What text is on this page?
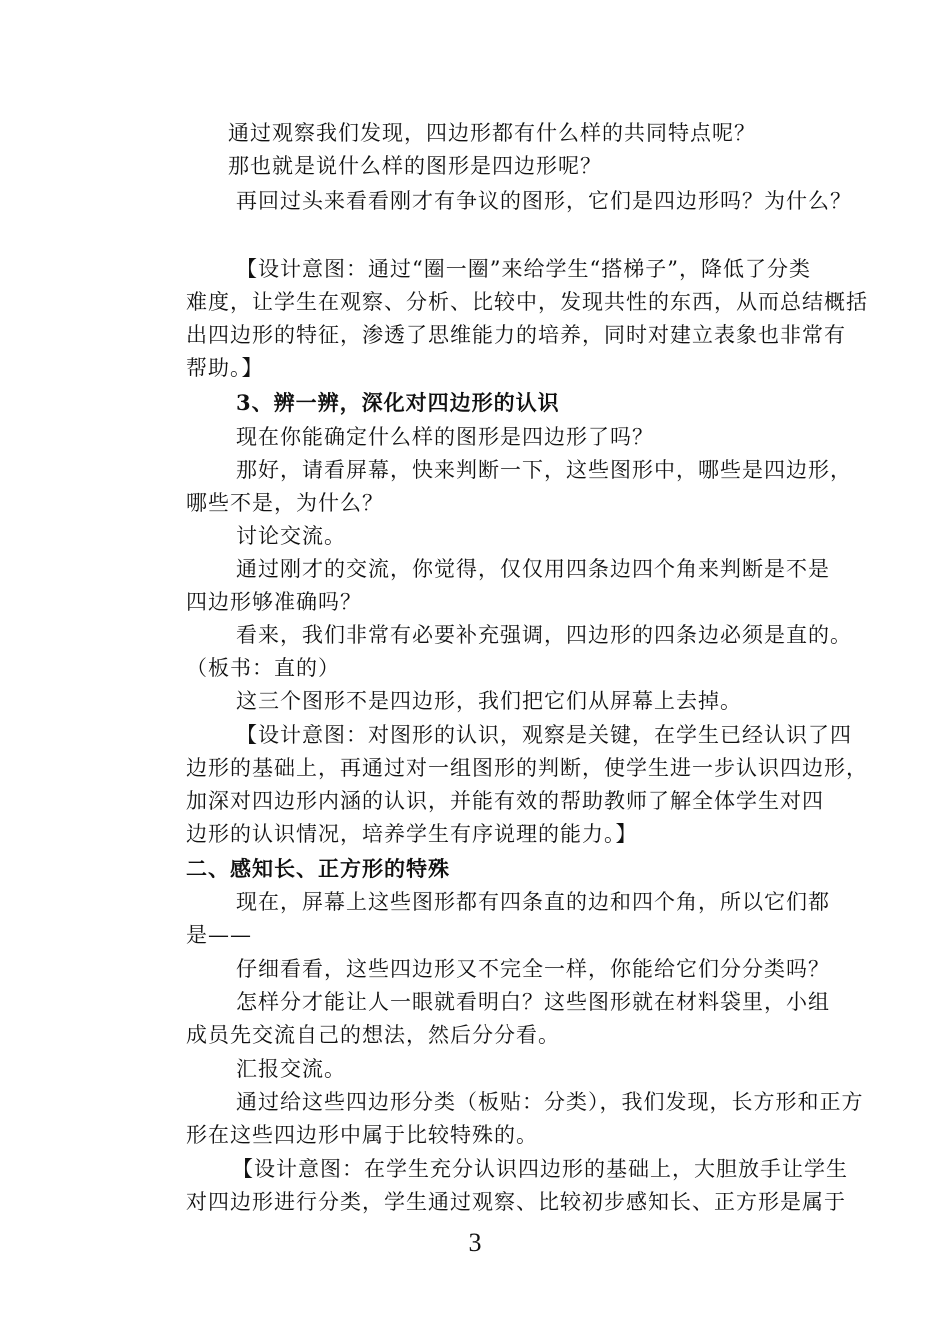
通过观察我们发现，四边形都有什么样的共同特点呢？
那也就是说什么样的图形是四边形呢？
再回过头来看看刚才有争议的图形，它们是四边形吗？为什么？
【设计意图：通过“圈一圈”来给学生“搭梯子”，降低了分类
难度，让学生在观察、分析、比较中，发现共性的东西，从而总结概括
出四边形的特征，渗透了思维能力的培养，同时对建立表象也非常有
帮助。】
3、辨一辨，深化对四边形的认识
现在你能确定什么样的图形是四边形了吗？
那好，请看屏幕，快来判断一下，这些图形中，哪些是四边形，
哪些不是，为什么？
讨论交流。
通过刚才的交流，你觉得，仅仅用四条边四个角来判断是不是
四边形够准确吗？
看来，我们非常有必要补充强调，四边形的四条边必须是直的。
（板书：直的）
这三个图形不是四边形，我们把它们从屏幕上去掉。
【设计意图：对图形的认识，观察是关键，在学生已经认识了四
边形的基础上，再通过对一组图形的判断，使学生进一步认识四边形，
加深对四边形内涵的认识，并能有效的帮助教师了解全体学生对四
边形的认识情况，培养学生有序说理的能力。】
二、感知长、正方形的特殊
现在，屏幕上这些图形都有四条直的边和四个角，所以它们都
是——
仔细看看，这些四边形又不完全一样，你能给它们分分类吗？
怎样分才能让人一眼就看明白？这些图形就在材料袋里，小组
成员先交流自己的想法，然后分分看。
汇报交流。
通过给这些四边形分类（板贴：分类），我们发现，长方形和正方
形在这些四边形中属于比较特殊的。
【设计意图：在学生充分认识四边形的基础上，大胆放手让学生
对四边形进行分类，学生通过观察、比较初步感知长、正方形是属于
3
